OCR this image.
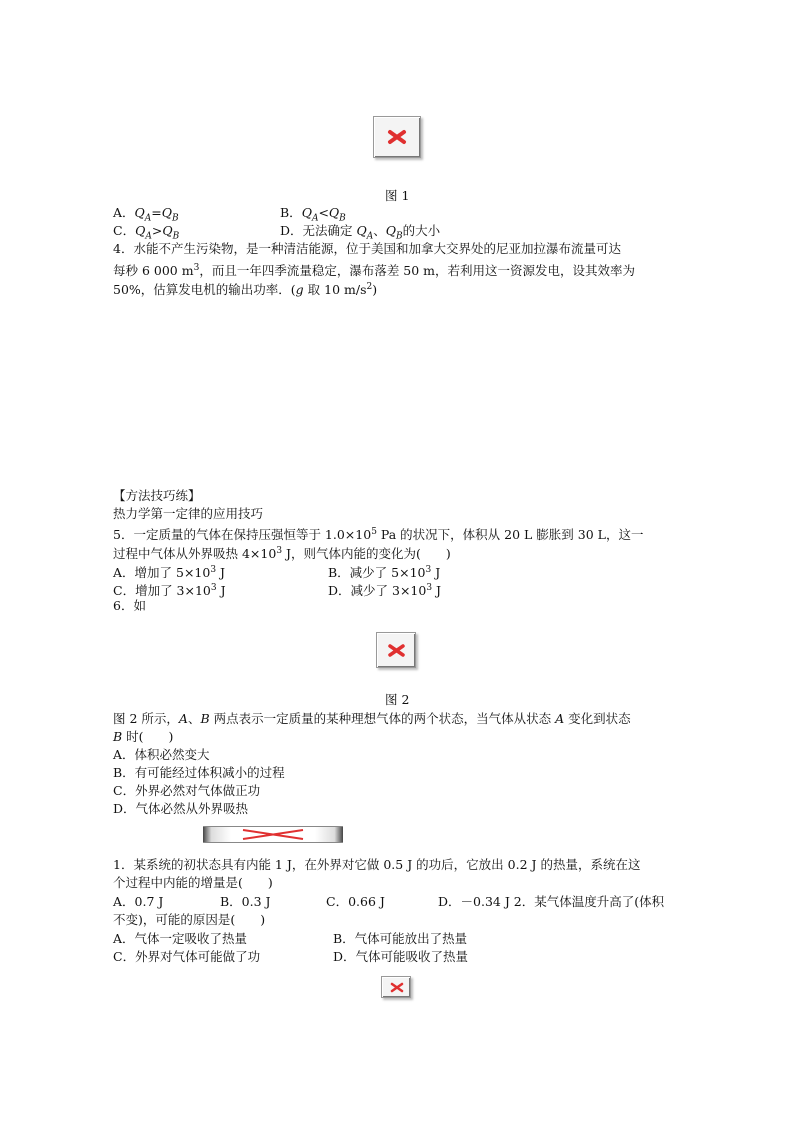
图 1
A．$Q_A=Q_B$	B．$Q_A<Q_B$
C．$Q_A>Q_B$	D．无法确定 $Q_A$、$Q_B$的大小
4．水能不产生污染物，是一种清洁能源，位于美国和加拿大交界处的尼亚加拉瀑布流量可达
每秒 6 000 $m^3$，而且一年四季流量稳定，瀑布落差 50 m，若利用这一资源发电，设其效率为
50%，估算发电机的输出功率．(g 取 10 $m/s^2$)
【方法技巧练】
热力学第一定律的应用技巧
5．一定质量的气体在保持压强恒等于 $1.0\times 10^5$ Pa 的状况下，体积从 20 L 膨胀到 30 L，这一
过程中气体从外界吸热 $4\times 10^3$ J，则气体内能的变化为(　　)
A．增加了 $5\times 10^3$ J	B．减少了 $5\times 10^3$ J
C．增加了 $3\times 10^3$ J	D．减少了 $3\times 10^3$ J
6．如
图 2
图 2 所示，A、B 两点表示一定质量的某种理想气体的两个状态，当气体从状态 A 变化到状态
B 时(　　)
A．体积必然变大
B．有可能经过体积减小的过程
C．外界必然对气体做正功
D．气体必然从外界吸热
1．某系统的初状态具有内能 1 J，在外界对它做 0.5 J 的功后，它放出 0.2 J 的热量，系统在这
个过程中内能的增量是(　　)
A．0.7 J	B．0.3 J	C．0.66 J	D．－0.34 J 2．某气体温度升高了(体积
不变)，可能的原因是(　　)
A．气体一定吸收了热量	B．气体可能放出了热量
C．外界对气体可能做了功	D．气体可能吸收了热量
